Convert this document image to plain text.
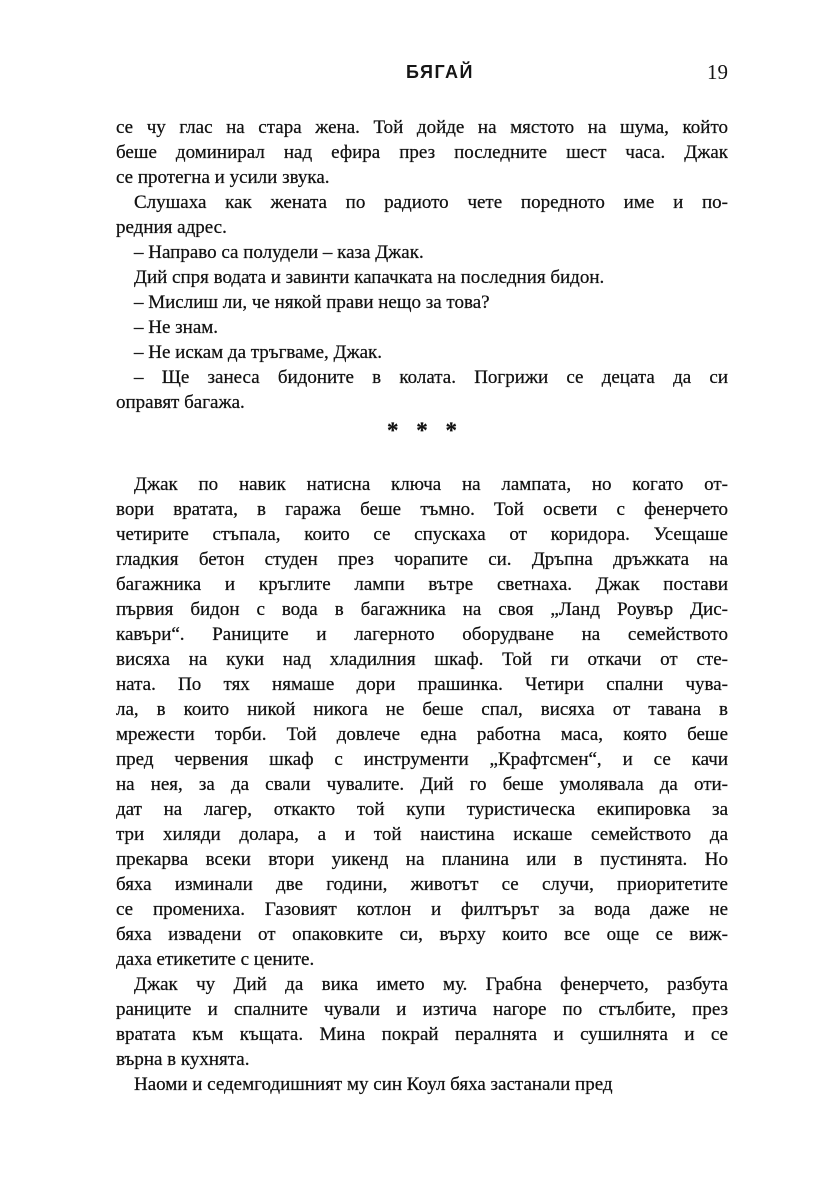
БЯГАЙ	19
се чу глас на стара жена. Той дойде на мястото на шума, който
беше доминирал над ефира през последните шест часа. Джак
се протегна и усили звука.
Слушаха как жената по радиото чете поредното име и по-
редния адрес.
– Направо са полудели – каза Джак.
Дий спря водата и завинти капачката на последния бидон.
– Мислиш ли, че някой прави нещо за това?
– Не знам.
– Не искам да тръгваме, Джак.
– Ще занеса бидоните в колата. Погрижи се децата да си
оправят багажа.
* * *
Джак по навик натисна ключа на лампата, но когато от-
вори вратата, в гаража беше тъмно. Той освети с фенерчето
четирите стъпала, които се спускаха от коридора. Усещаше
гладкия бетон студен през чорапите си. Дръпна дръжката на
багажника и кръглите лампи вътре светнаха. Джак постави
първия бидон с вода в багажника на своя „Ланд Роувър Дис-
кавъри“. Раниците и лагерното оборудване на семейството
висяха на куки над хладилния шкаф. Той ги откачи от сте-
ната. По тях нямаше дори прашинка. Четири спални чува-
ла, в които никой никога не беше спал, висяха от тавана в
мрежести торби. Той довлече една работна маса, която беше
пред червения шкаф с инструменти „Крафтсмен“, и се качи
на нея, за да свали чувалите. Дий го беше умолявала да оти-
дат на лагер, откакто той купи туристическа екипировка за
три хиляди долара, а и той наистина искаше семейството да
прекарва всеки втори уикенд на планина или в пустинята. Но
бяха изминали две години, животът се случи, приоритетите
се промениха. Газовият котлон и филтърът за вода даже не
бяха извадени от опаковките си, върху които все още се виж-
даха етикетите с цените.
Джак чу Дий да вика името му. Грабна фенерчето, разбута
раниците и спалните чували и изтича нагоре по стълбите, през
вратата към къщата. Мина покрай пералнята и сушилнята и се
върна в кухнята.
Наоми и седемгодишният му син Коул бяха застанали пред
